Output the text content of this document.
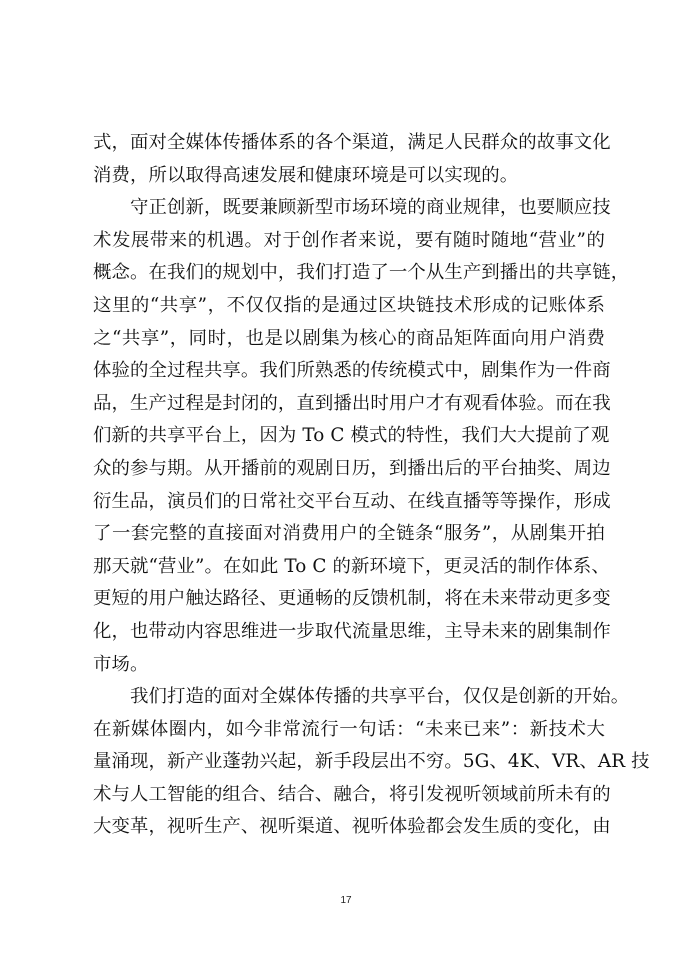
式，面对全媒体传播体系的各个渠道，满足人民群众的故事文化
消费，所以取得高速发展和健康环境是可以实现的。
守正创新，既要兼顾新型市场环境的商业规律，也要顺应技
术发展带来的机遇。对于创作者来说，要有随时随地“营业”的
概念。在我们的规划中，我们打造了一个从生产到播出的共享链，
这里的“共享”，不仅仅指的是通过区块链技术形成的记账体系
之“共享”，同时，也是以剧集为核心的商品矩阵面向用户消费
体验的全过程共享。我们所熟悉的传统模式中，剧集作为一件商
品，生产过程是封闭的，直到播出时用户才有观看体验。而在我
们新的共享平台上，因为 To C 模式的特性，我们大大提前了观
众的参与期。从开播前的观剧日历，到播出后的平台抽奖、周边
衍生品，演员们的日常社交平台互动、在线直播等等操作，形成
了一套完整的直接面对消费用户的全链条“服务”，从剧集开拍
那天就“营业”。在如此 To C 的新环境下，更灵活的制作体系、
更短的用户触达路径、更通畅的反馈机制，将在未来带动更多变
化，也带动内容思维进一步取代流量思维，主导未来的剧集制作
市场。
我们打造的面对全媒体传播的共享平台，仅仅是创新的开始。
在新媒体圈内，如今非常流行一句话：“未来已来”：新技术大
量涌现，新产业蓬勃兴起，新手段层出不穷。5G、4K、VR、AR 技
术与人工智能的组合、结合、融合，将引发视听领域前所未有的
大变革，视听生产、视听渠道、视听体验都会发生质的变化，由
17
